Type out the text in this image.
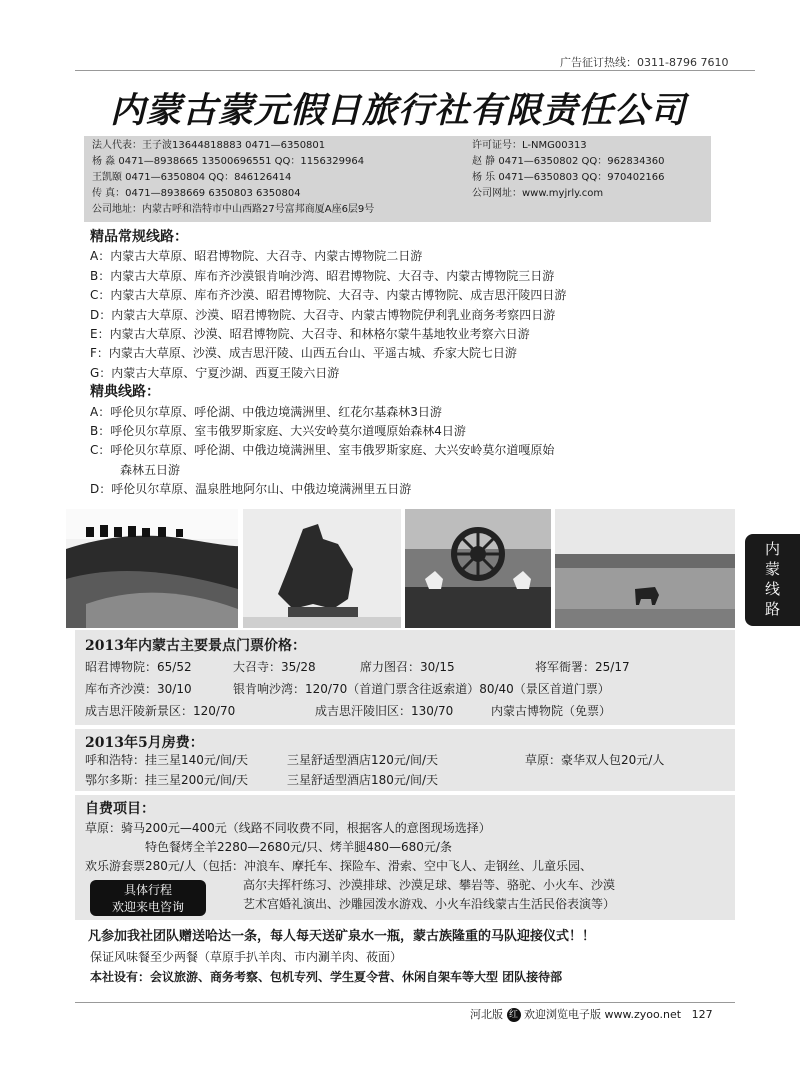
广告征订热线：0311-8796 7610
内蒙古蒙元假日旅行社有限责任公司
法人代表：王子波13644818883 0471—6350801	许可证号：L-NMG00313
杨 淼 0471—8938665 13500696551 QQ：1156329964	赵 静 0471—6350802 QQ：962834360
王凯颐 0471—6350804 QQ：846126414	杨 乐 0471—6350803 QQ：970402166
传 真：0471—8938669 6350803 6350804	公司网址：www.myjrly.com
公司地址：内蒙古呼和浩特市中山西路27号富邦商厦A座6层9号
精品常规线路：
A：内蒙古大草原、昭君博物院、大召寺、内蒙古博物院二日游
B：内蒙古大草原、库布齐沙漠银肯响沙湾、昭君博物院、大召寺、内蒙古博物院三日游
C：内蒙古大草原、库布齐沙漠、昭君博物院、大召寺、内蒙古博物院、成吉思汗陵四日游
D：内蒙古大草原、沙漠、昭君博物院、大召寺、内蒙古博物院伊利乳业商务考察四日游
E：内蒙古大草原、沙漠、昭君博物院、大召寺、和林格尔蒙牛基地牧业考察六日游
F：内蒙古大草原、沙漠、成吉思汗陵、山西五台山、平遥古城、乔家大院七日游
G：内蒙古大草原、宁夏沙湖、西夏王陵六日游
精典线路：
A：呼伦贝尔草原、呼伦湖、中俄边境满洲里、红花尔基森林3日游
B：呼伦贝尔草原、室韦俄罗斯家庭、大兴安岭莫尔道嘎原始森林4日游
C：呼伦贝尔草原、呼伦湖、中俄边境满洲里、室韦俄罗斯家庭、大兴安岭莫尔道嘎原始
森林五日游
D：呼伦贝尔草原、温泉胜地阿尔山、中俄边境满洲里五日游
内
蒙
线
路
2013年内蒙古主要景点门票价格：
昭君博物院：65/52	大召寺：35/28	席力图召：30/15	将军衙署：25/17
库布齐沙漠：30/10	银肯响沙湾：120/70（首道门票含往返索道）80/40（景区首道门票）
成吉思汗陵新景区：120/70	成吉思汗陵旧区：130/70	内蒙古博物院（免票）
2013年5月房费：
呼和浩特：挂三星140元/间/天	三星舒适型酒店120元/间/天	草原：豪华双人包20元/人
鄂尔多斯：挂三星200元/间/天	三星舒适型酒店180元/间/天
自费项目：
草原：骑马200元—400元（线路不同收费不同，根据客人的意图现场选择）
特色餐烤全羊2280—2680元/只、烤羊腿480—680元/条
欢乐游套票280元/人（包括：冲浪车、摩托车、探险车、滑索、空中飞人、走钢丝、儿童乐园、
高尔夫挥杆练习、沙漠排球、沙漠足球、攀岩等、骆驼、小火车、沙漠
艺术宫婚礼演出、沙雕园泼水游戏、小火车沿线蒙古生活民俗表演等）
具体行程
欢迎来电咨询
凡参加我社团队赠送哈达一条，每人每天送矿泉水一瓶，蒙古族隆重的马队迎接仪式！！
保证风味餐至少两餐（草原手扒羊肉、市内涮羊肉、莜面）
本社设有：会议旅游、商务考察、包机专列、学生夏令营、休闲自架车等大型 团队接待部
河北版 红 欢迎浏览电子版 www.zyoo.net 127
